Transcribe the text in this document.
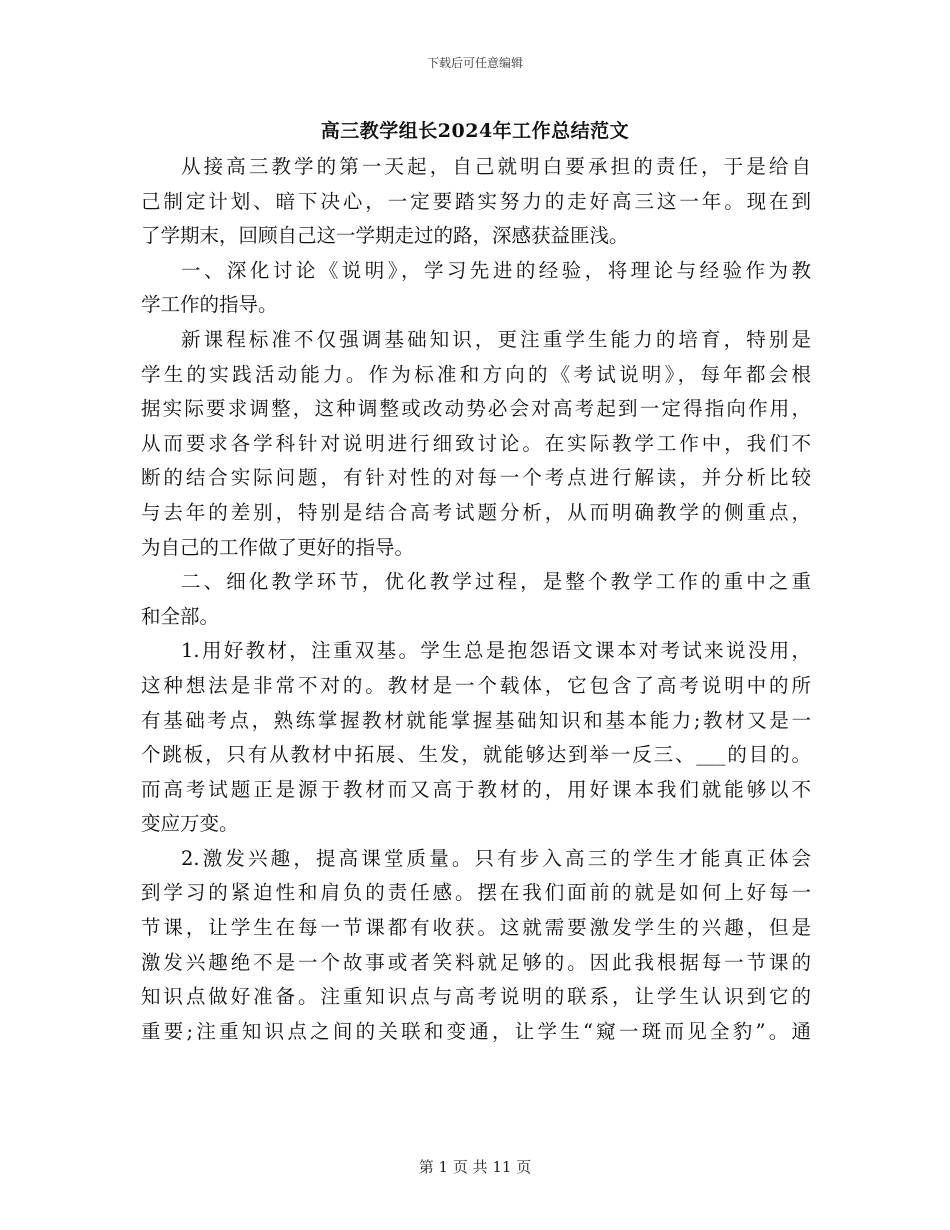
下载后可任意编辑
高三教学组长2024年工作总结范文
从接高三教学的第一天起，自己就明白要承担的责任，于是给自
己制定计划、暗下决心，一定要踏实努力的走好高三这一年。现在到
了学期末，回顾自己这一学期走过的路，深感获益匪浅。
一、深化讨论《说明》，学习先进的经验，将理论与经验作为教
学工作的指导。
新课程标准不仅强调基础知识，更注重学生能力的培育，特别是
学生的实践活动能力。作为标准和方向的《考试说明》，每年都会根
据实际要求调整，这种调整或改动势必会对高考起到一定得指向作用，
从而要求各学科针对说明进行细致讨论。在实际教学工作中，我们不
断的结合实际问题，有针对性的对每一个考点进行解读，并分析比较
与去年的差别，特别是结合高考试题分析，从而明确教学的侧重点，
为自己的工作做了更好的指导。
二、细化教学环节，优化教学过程，是整个教学工作的重中之重
和全部。
1.用好教材，注重双基。学生总是抱怨语文课本对考试来说没用，
这种想法是非常不对的。教材是一个载体，它包含了高考说明中的所
有基础考点，熟练掌握教材就能掌握基础知识和基本能力;教材又是一
个跳板，只有从教材中拓展、生发，就能够达到举一反三、___的目的。
而高考试题正是源于教材而又高于教材的，用好课本我们就能够以不
变应万变。
2.激发兴趣，提高课堂质量。只有步入高三的学生才能真正体会
到学习的紧迫性和肩负的责任感。摆在我们面前的就是如何上好每一
节课，让学生在每一节课都有收获。这就需要激发学生的兴趣，但是
激发兴趣绝不是一个故事或者笑料就足够的。因此我根据每一节课的
知识点做好准备。注重知识点与高考说明的联系，让学生认识到它的
重要;注重知识点之间的关联和变通，让学生“窥一斑而见全豹”。通
第 1 页 共 11 页
